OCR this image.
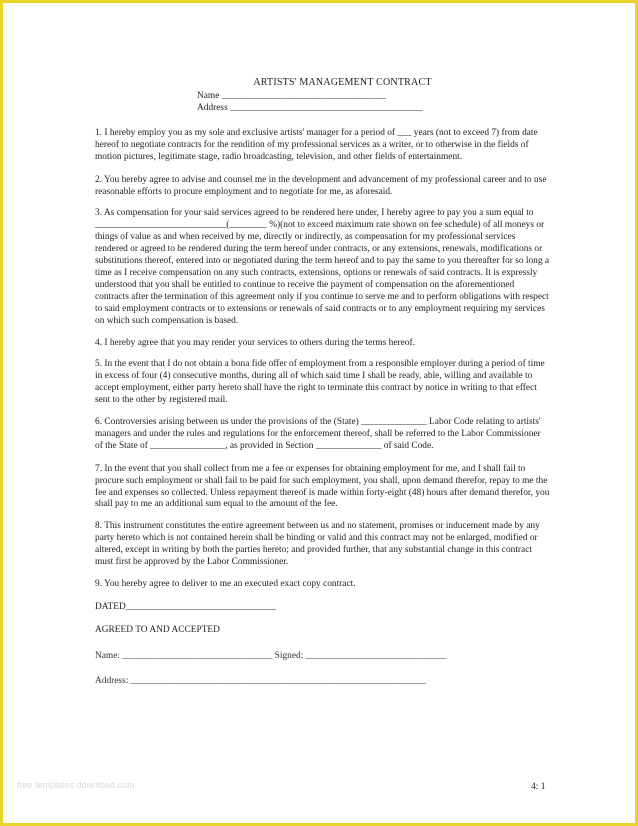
ARTISTS' MANAGEMENT CONTRACT
Name ___________________________________
Address _________________________________________

1. I hereby employ you as my sole and exclusive artists' manager for a period of ___ years (not to exceed 7) from date hereof to negotiate contracts for the rendition of my professional services as a writer, or to otherwise in the fields of motion pictures, legitimate stage, radio broadcasting, television, and other fields of entertainment.

2. You hereby agree to advise and counsel me in the development and advancement of my professional career and to use reasonable efforts to procure employment and to negotiate for me, as aforesaid.

3. As compensation for your said services agreed to be rendered here under, I hereby agree to pay you a sum equal to ____________________________(________ %)(not to exceed maximum rate shown on fee schedule) of all moneys or things of value as and when received by me, directly or indirectly, as compensation for my professional services rendered or agreed to be rendered during the term hereof under contracts, or any extensions, renewals, modifications or substitutions thereof, entered into or negotiated during the term hereof and to pay the same to you thereafter for so long a time as I receive compensation on any such contracts, extensions, options or renewals of said contracts. It is expressly understood that you shall be entitled to continue to receive the payment of compensation on the aforementioned contracts after the termination of this agreement only if you continue to serve me and to perform obligations with respect to said employment contracts or to extensions or renewals of said contracts or to any employment requiring my services on which such compensation is based.

4. I hereby agree that you may render your services to others during the terms hereof.

5. In the event that I do not obtain a bona fide offer of employment from a responsible employer during a period of time in excess of four (4) consecutive months, during all of which said time I shall be ready, able, willing and available to accept employment, either party hereto shall have the right to terminate this contract by notice in writing to that effect sent to the other by registered mail.

6. Controversies arising between us under the provisions of the (State) ______________ Labor Code relating to artists' managers and under the rules and regulations for the enforcement thereof, shall be referred to the Labor Commissioner of the State of ________________, as provided in Section ______________ of said Code.

7. In the event that you shall collect from me a fee or expenses for obtaining employment for me, and I shall fail to procure such employment or shall fail to be paid for such employment, you shall, upon demand therefor, repay to me the fee and expenses so collected. Unless repayment thereof is made within forty-eight (48) hours after demand therefor, you shall pay to me an additional sum equal to the amount of the fee.

8. This instrument constitutes the entire agreement between us and no statement, promises or inducement made by any party hereto which is not contained herein shall be binding or valid and this contract may not be enlarged, modified or altered, except in writing by both the parties hereto; and provided further, that any substantial change in this contract must first be approved by the Labor Commissioner.

9. You hereby agree to deliver to me an executed exact copy contract.

DATED________________________________
AGREED TO AND ACCEPTED
Name: ________________________________ Signed: ______________________________
Address: _______________________________________________________________
free templates download.com	4: 1
